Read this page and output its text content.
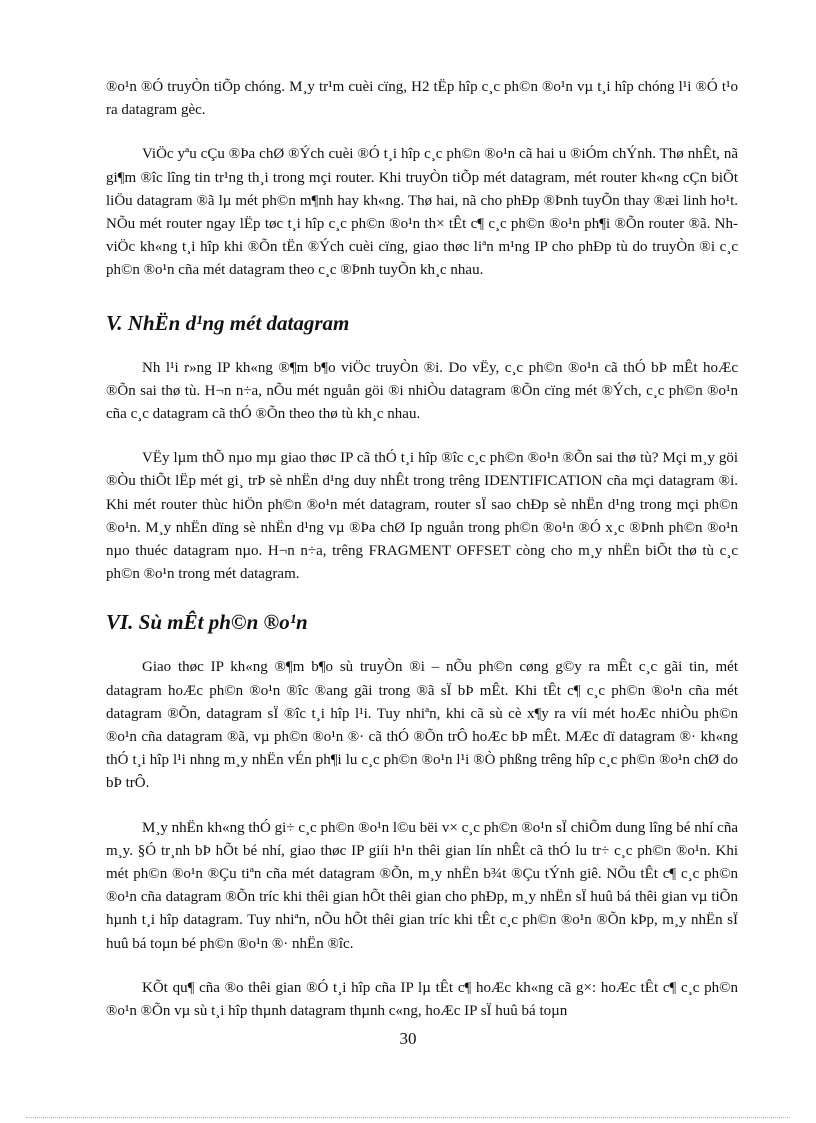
®o¹n ®Ó truyÒn tiÕp chóng. M¸y tr¹m cuèi cïng, H2 tËp hîp c¸c ph©n ®o¹n vµ t¸i hîp chóng l¹i ®Ó t¹o ra datagram gèc.

ViÖc yªu cÇu ®Þa chØ ®Ých cuèi ®Ó t¸i hîp c¸c ph©n ®o¹n cã hai u ®iÓm chÝnh. Thø nhÊt, nã gi¶m ®îc lîng tin tr¹ng th¸i trong mçi router. Khi truyÒn tiÕp mét datagram, mét router kh«ng cÇn biÕt liÖu datagram ®ã lµ mét ph©n m¶nh hay kh«ng. Thø hai, nã cho phÐp ®Þnh tuyÕn thay ®æi linh ho¹t. NÕu mét router ngay lËp tøc t¸i hîp c¸c ph©n ®o¹n th× tÊt c¶ c¸c ph©n ®o¹n ph¶i ®Õn router ®ã. Nh viÖc kh«ng t¸i hîp khi ®Õn tËn ®Ých cuèi cïng, giao thøc liªn m¹ng IP cho phÐp tù do truyÒn ®i c¸c ph©n ®o¹n cña mét datagram theo c¸c ®Þnh tuyÕn kh¸c nhau.

V. NhËn d¹ng mét datagram

Nh l¹i r»ng IP kh«ng ®¶m b¶o viÖc truyÒn ®i. Do vËy, c¸c ph©n ®o¹n cã thÓ bÞ mÊt hoÆc ®Õn sai thø tù. H¬n n÷a, nÕu mét nguån göi ®i nhiÒu datagram ®Õn cïng mét ®Ých, c¸c ph©n ®o¹n cña c¸c datagram cã thÓ ®Õn theo thø tù kh¸c nhau.

VËy lµm thÕ nµo mµ giao thøc IP cã thÓ t¸i hîp ®îc c¸c ph©n ®o¹n ®Õn sai thø tù? Mçi m¸y göi ®Òu thiÕt lËp mét gi¸ trÞ sè nhËn d¹ng duy nhÊt trong trêng IDENTIFICATION cña mçi datagram ®i. Khi mét router thùc hiÖn ph©n ®o¹n mét datagram, router sÏ sao chÐp sè nhËn d¹ng trong mçi ph©n ®o¹n. M¸y nhËn dïng sè nhËn d¹ng vµ ®Þa chØ Ip nguån trong ph©n ®o¹n ®Ó x¸c ®Þnh ph©n ®o¹n nµo thuéc datagram nµo. H¬n n÷a, trêng FRAGMENT OFFSET còng cho m¸y nhËn biÕt thø tù c¸c ph©n ®o¹n trong mét datagram.

VI. Sù mÊt ph©n ®o¹n

Giao thøc IP kh«ng ®¶m b¶o sù truyÒn ®i – nÕu ph©n cøng g©y ra mÊt c¸c gãi tin, mét datagram hoÆc ph©n ®o¹n ®îc ®ang gãi trong ®ã sÏ bÞ mÊt. Khi tÊt c¶ c¸c ph©n ®o¹n cña mét datagram ®Õn, datagram sÏ ®îc t¸i hîp l¹i. Tuy nhiªn, khi cã sù cè x¶y ra víi mét hoÆc nhiÒu ph©n ®o¹n cña datagram ®ã, vµ ph©n ®o¹n ®· cã thÓ ®Õn trÔ hoÆc bÞ mÊt. MÆc dï datagram ®· kh«ng thÓ t¸i hîp l¹i nhng m¸y nhËn vÉn ph¶i lu c¸c ph©n ®o¹n l¹i ®Ò phßng trêng hîp c¸c ph©n ®o¹n chØ do bÞ trÔ.

M¸y nhËn kh«ng thÓ gi÷ c¸c ph©n ®o¹n l©u bëi v× c¸c ph©n ®o¹n sÏ chiÕm dung lîng bé nhí cña m¸y. §Ó tr¸nh bÞ hÕt bé nhí, giao thøc IP giíi h¹n thêi gian lín nhÊt cã thÓ lu tr÷ c¸c ph©n ®o¹n. Khi mét ph©n ®o¹n ®Çu tiªn cña mét datagram ®Õn, m¸y nhËn b¾t ®Çu tÝnh giê. NÕu tÊt c¶ c¸c ph©n ®o¹n cña datagram ®Õn tríc khi thêi gian hÕt thêi gian cho phÐp, m¸y nhËn sÏ huû bá thêi gian vµ tiÕn hµnh t¸i hîp datagram. Tuy nhiªn, nÕu hÕt thêi gian tríc khi tÊt c¸c ph©n ®o¹n ®Õn kÞp, m¸y nhËn sÏ huû bá toµn bé ph©n ®o¹n ®· nhËn ®îc.

KÕt qu¶ cña ®o thêi gian ®Ó t¸i hîp cña IP lµ tÊt c¶ hoÆc kh«ng cã g×: hoÆc tÊt c¶ c¸c ph©n ®o¹n ®Õn vµ sù t¸i hîp thµnh datagram thµnh c«ng, hoÆc IP sÏ huû bá toµn

30
